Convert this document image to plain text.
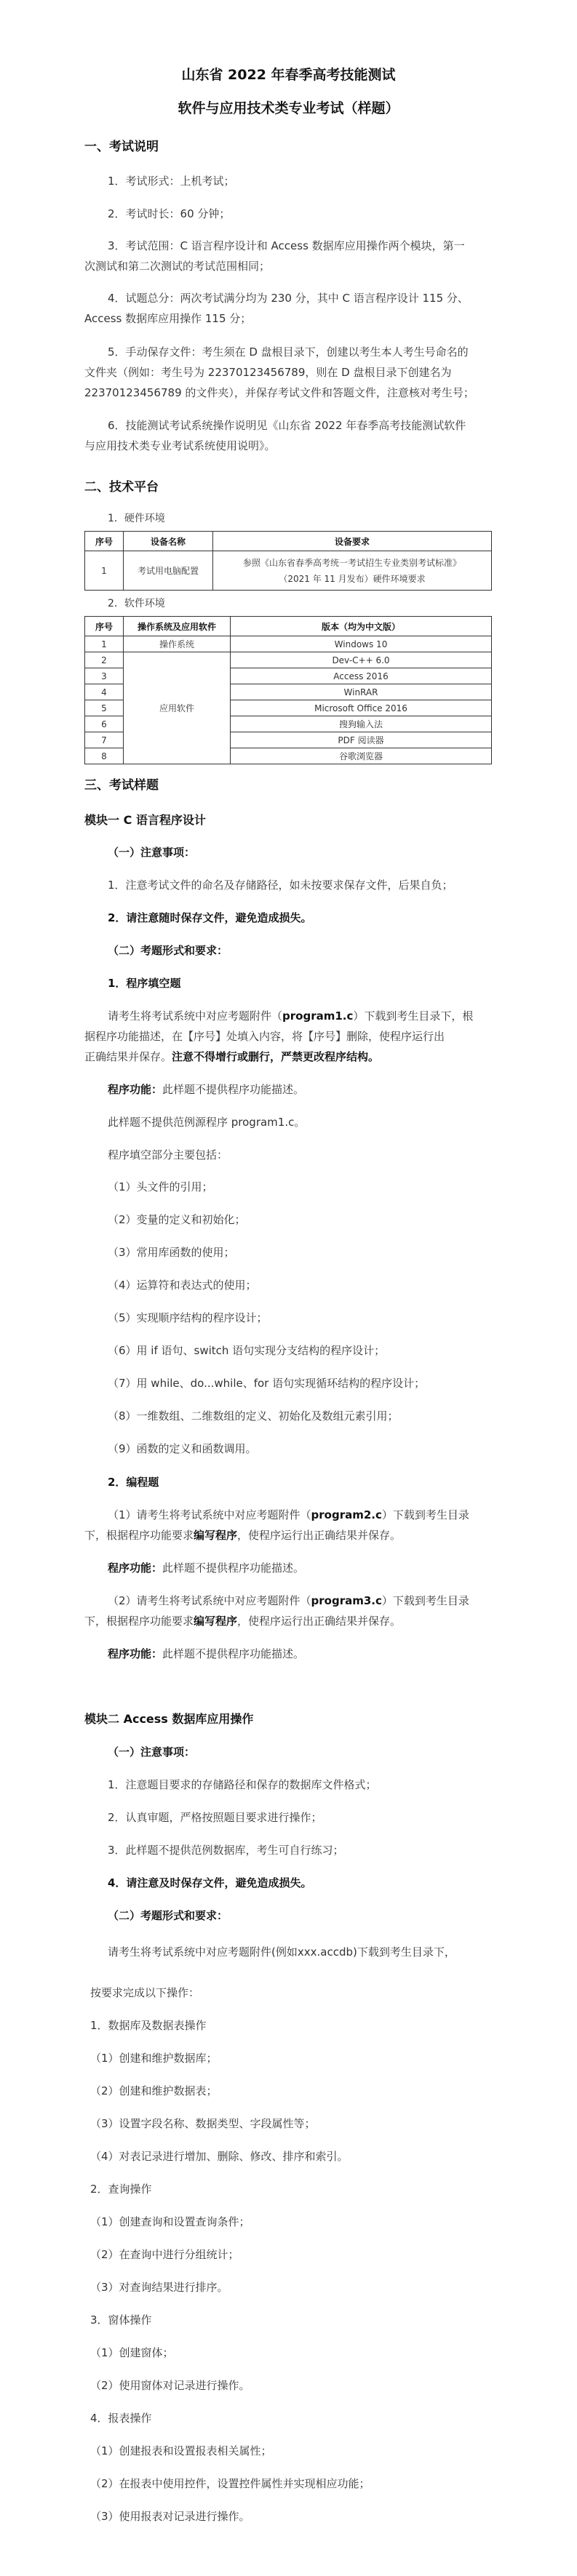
山东省 2022 年春季高考技能测试
软件与应用技术类专业考试（样题）
一、考试说明
1．考试形式：上机考试；
2．考试时长：60 分钟；
3．考试范围：C 语言程序设计和 Access 数据库应用操作两个模块，第一
次测试和第二次测试的考试范围相同；
4．试题总分：两次考试满分均为 230 分，其中 C 语言程序设计 115 分、
Access 数据库应用操作 115 分；
5．手动保存文件：考生须在 D 盘根目录下，创建以考生本人考生号命名的
文件夹（例如：考生号为 22370123456789，则在 D 盘根目录下创建名为
22370123456789 的文件夹），并保存考试文件和答题文件，注意核对考生号；
6．技能测试考试系统操作说明见《山东省 2022 年春季高考技能测试软件
与应用技术类专业考试系统使用说明》。
二、技术平台
1．硬件环境
序号	设备名称	设备要求
1	考试用电脑配置	参照《山东省春季高考统一考试招生专业类别考试标准》
（2021 年 11 月发布）硬件环境要求
2．软件环境
序号	操作系统及应用软件	版本（均为中文版）
1	操作系统	Windows 10
2	应用软件	Dev-C++ 6.0
3		Access 2016
4		WinRAR
5		Microsoft Office 2016
6		搜狗输入法
7		PDF 阅读器
8		谷歌浏览器
三、考试样题
模块一 C 语言程序设计
（一）注意事项：
1．注意考试文件的命名及存储路径，如未按要求保存文件，后果自负；
2．请注意随时保存文件，避免造成损失。
（二）考题形式和要求：
1．程序填空题
请考生将考试系统中对应考题附件（program1.c）下载到考生目录下，根
据程序功能描述，在【序号】处填入内容，将【序号】删除，使程序运行出
正确结果并保存。注意不得增行或删行，严禁更改程序结构。
程序功能：此样题不提供程序功能描述。
此样题不提供范例源程序 program1.c。
程序填空部分主要包括：
（1）头文件的引用；
（2）变量的定义和初始化；
（3）常用库函数的使用；
（4）运算符和表达式的使用；
（5）实现顺序结构的程序设计；
（6）用 if 语句、switch 语句实现分支结构的程序设计；
（7）用 while、do...while、for 语句实现循环结构的程序设计；
（8）一维数组、二维数组的定义、初始化及数组元素引用；
（9）函数的定义和函数调用。
2．编程题
（1）请考生将考试系统中对应考题附件（program2.c）下载到考生目录
下，根据程序功能要求编写程序，使程序运行出正确结果并保存。
程序功能：此样题不提供程序功能描述。
（2）请考生将考试系统中对应考题附件（program3.c）下载到考生目录
下，根据程序功能要求编写程序，使程序运行出正确结果并保存。
程序功能：此样题不提供程序功能描述。
模块二 Access 数据库应用操作
（一）注意事项：
1．注意题目要求的存储路径和保存的数据库文件格式；
2．认真审题，严格按照题目要求进行操作；
3．此样题不提供范例数据库，考生可自行练习；
4．请注意及时保存文件，避免造成损失。
（二）考题形式和要求：
请考生将考试系统中对应考题附件(例如xxx.accdb)下载到考生目录下，
按要求完成以下操作：
1．数据库及数据表操作
（1）创建和维护数据库；
（2）创建和维护数据表；
（3）设置字段名称、数据类型、字段属性等；
（4）对表记录进行增加、删除、修改、排序和索引。
2．查询操作
（1）创建查询和设置查询条件；
（2）在查询中进行分组统计；
（3）对查询结果进行排序。
3．窗体操作
（1）创建窗体；
（2）使用窗体对记录进行操作。
4．报表操作
（1）创建报表和设置报表相关属性；
（2）在报表中使用控件，设置控件属性并实现相应功能；
（3）使用报表对记录进行操作。
